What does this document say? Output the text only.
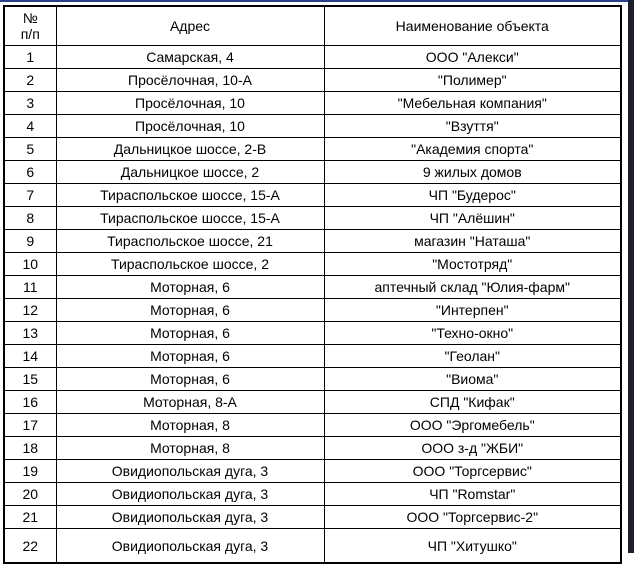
№
п/п	Адрес	Наименование объекта
1	Самарская, 4	ООО "Алекси"
2	Просёлочная, 10-А	"Полимер"
3	Просёлочная, 10	"Мебельная компания"
4	Просёлочная, 10	"Взуття"
5	Дальницкое шоссе, 2-В	"Академия спорта"
6	Дальницкое шоссе, 2	9 жилых домов
7	Тираспольское шоссе, 15-А	ЧП "Будерос"
8	Тираспольское шоссе, 15-А	ЧП "Алёшин"
9	Тираспольское шоссе, 21	магазин "Наташа"
10	Тираспольское шоссе, 2	"Мостотряд"
11	Моторная, 6	аптечный склад "Юлия-фарм"
12	Моторная, 6	"Интерпен"
13	Моторная, 6	"Техно-окно"
14	Моторная, 6	"Геолан"
15	Моторная, 6	"Виома"
16	Моторная, 8-А	СПД "Кифак"
17	Моторная, 8	ООО "Эргомебель"
18	Моторная, 8	ООО з-д "ЖБИ"
19	Овидиопольская дуга, 3	ООО "Торгсервис"
20	Овидиопольская дуга, 3	ЧП "Romstar"
21	Овидиопольская дуга, 3	ООО "Торгсервис-2"
22	Овидиопольская дуга, 3	ЧП "Хитушко"
